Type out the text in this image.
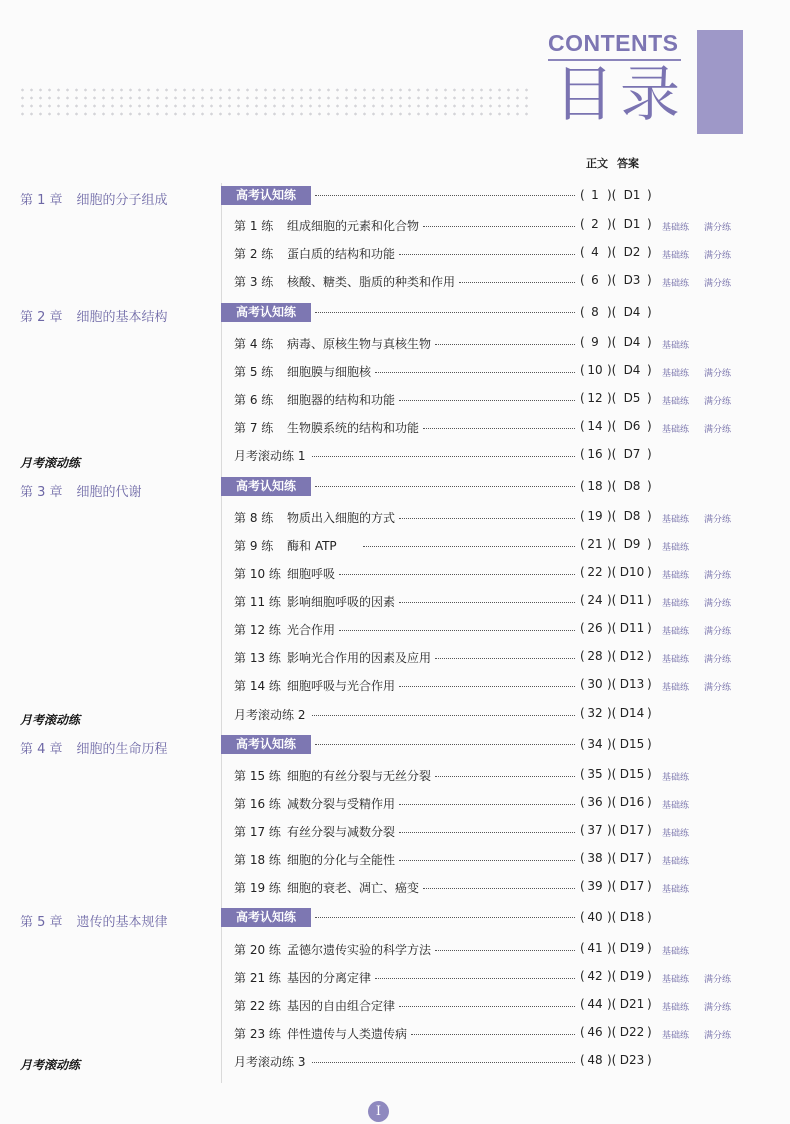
CONTENTS
目录
正文 答案
第 1 章 细胞的分子组成
第 2 章 细胞的基本结构
第 3 章 细胞的代谢
第 4 章 细胞的生命历程
第 5 章 遗传的基本规律
月考滚动练
月考滚动练
月考滚动练
高考认知练	( 1 )( D1 )
高考认知练	( 8 )( D4 )
高考认知练	( 18 )( D8 )
高考认知练	( 34 )( D15 )
高考认知练	( 40 )( D18 )
第 1 练 组成细胞的元素和化合物	( 2 )( D1 ) 基础练 满分练
第 2 练 蛋白质的结构和功能	( 4 )( D2 ) 基础练 满分练
第 3 练 核酸、糖类、脂质的种类和作用	( 6 )( D3 ) 基础练 满分练
第 4 练 病毒、原核生物与真核生物	( 9 )( D4 ) 基础练
第 5 练 细胞膜与细胞核	( 10 )( D4 ) 基础练 满分练
第 6 练 细胞器的结构和功能	( 12 )( D5 ) 基础练 满分练
第 7 练 生物膜系统的结构和功能	( 14 )( D6 ) 基础练 满分练
月考滚动练 1	( 16 )( D7 )
第 8 练 物质出入细胞的方式	( 19 )( D8 ) 基础练 满分练
第 9 练 酶和 ATP	( 21 )( D9 ) 基础练
第 10 练 细胞呼吸	( 22 )( D10 ) 基础练 满分练
第 11 练 影响细胞呼吸的因素	( 24 )( D11 ) 基础练 满分练
第 12 练 光合作用	( 26 )( D11 ) 基础练 满分练
第 13 练 影响光合作用的因素及应用	( 28 )( D12 ) 基础练 满分练
第 14 练 细胞呼吸与光合作用	( 30 )( D13 ) 基础练 满分练
月考滚动练 2	( 32 )( D14 )
第 15 练 细胞的有丝分裂与无丝分裂	( 35 )( D15 ) 基础练
第 16 练 减数分裂与受精作用	( 36 )( D16 ) 基础练
第 17 练 有丝分裂与减数分裂	( 37 )( D17 ) 基础练
第 18 练 细胞的分化与全能性	( 38 )( D17 ) 基础练
第 19 练 细胞的衰老、凋亡、癌变	( 39 )( D17 ) 基础练
第 20 练 孟德尔遗传实验的科学方法	( 41 )( D19 ) 基础练
第 21 练 基因的分离定律	( 42 )( D19 ) 基础练 满分练
第 22 练 基因的自由组合定律	( 44 )( D21 ) 基础练 满分练
第 23 练 伴性遗传与人类遗传病	( 46 )( D22 ) 基础练 满分练
月考滚动练 3	( 48 )( D23 )
I
